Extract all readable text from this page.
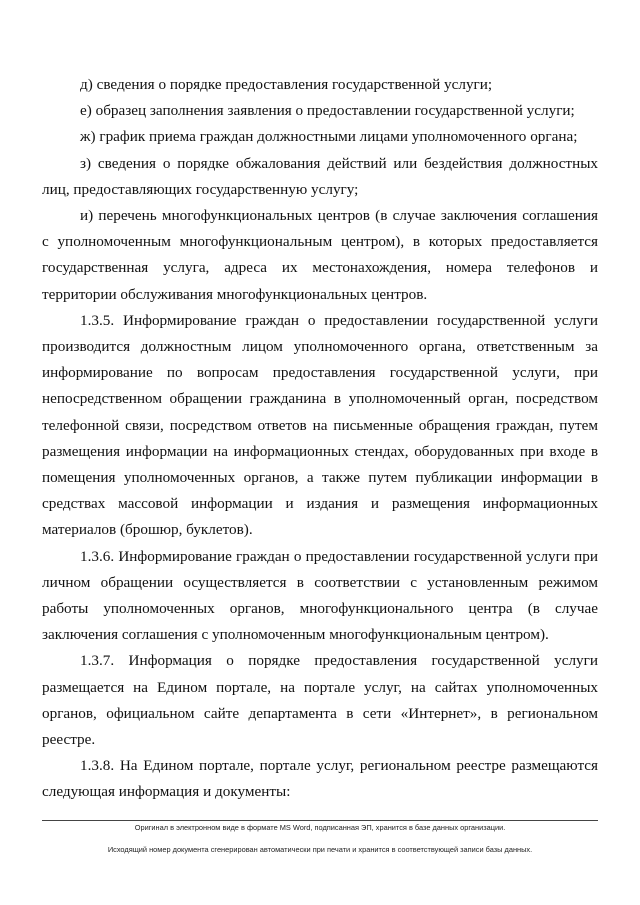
д) сведения о порядке предоставления государственной услуги;

е) образец заполнения заявления о предоставлении государственной услуги;

ж) график приема граждан должностными лицами уполномоченного органа;

з) сведения о порядке обжалования действий или бездействия должностных лиц, предоставляющих государственную услугу;

и) перечень многофункциональных центров (в случае заключения соглашения с уполномоченным многофункциональным центром), в которых предоставляется государственная услуга, адреса их местонахождения, номера телефонов и территории обслуживания многофункциональных центров.

1.3.5. Информирование граждан о предоставлении государственной услуги производится должностным лицом уполномоченного органа, ответственным за информирование по вопросам предоставления государственной услуги, при непосредственном обращении гражданина в уполномоченный орган, посредством телефонной связи, посредством ответов на письменные обращения граждан, путем размещения информации на информационных стендах, оборудованных при входе в помещения уполномоченных органов, а также путем публикации информации в средствах массовой информации и издания и размещения информационных материалов (брошюр, буклетов).

1.3.6. Информирование граждан о предоставлении государственной услуги при личном обращении осуществляется в соответствии с установленным режимом работы уполномоченных органов, многофункционального центра (в случае заключения соглашения с уполномоченным многофункциональным центром).

1.3.7. Информация о порядке предоставления государственной услуги размещается на Едином портале, на портале услуг, на сайтах уполномоченных органов, официальном сайте департамента в сети «Интернет», в региональном реестре.

1.3.8. На Едином портале, портале услуг, региональном реестре размещаются следующая информация и документы:

Оригинал в электронном виде в формате MS Word, подписанная ЭП, хранится в базе данных организации.
Исходящий номер документа сгенерирован автоматически при печати и хранится в соответствующей записи базы данных.
